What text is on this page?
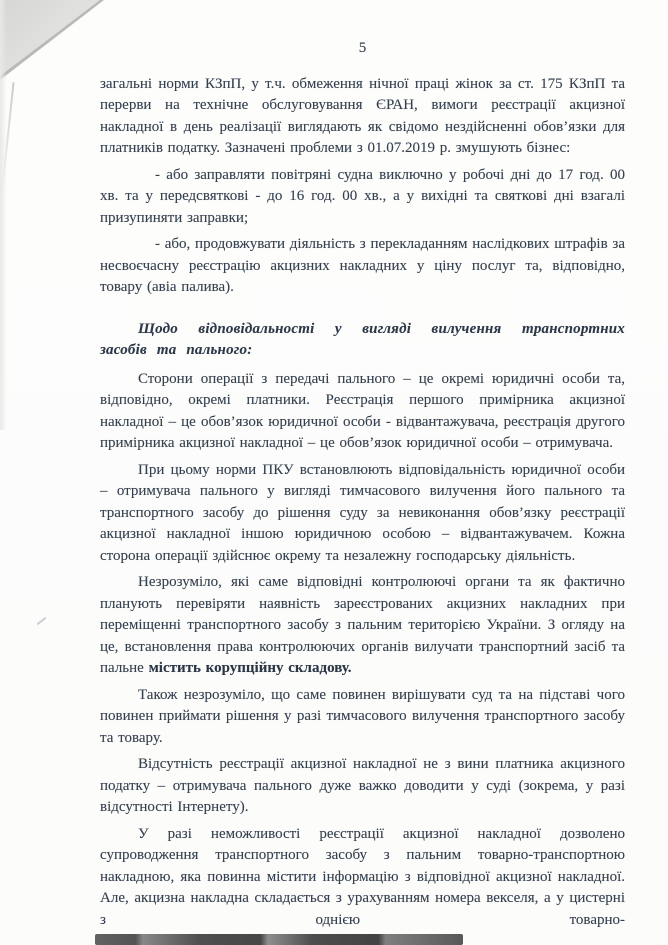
5

загальні норми КЗпП, у т.ч. обмеження нічної праці жінок за ст. 175 КЗпП та перерви на технічне обслуговування ЄРАН, вимоги реєстрації акцизної накладної в день реалізації виглядають як свідомо нездійсненні обов’язки для платників податку. Зазначені проблеми з 01.07.2019 р. змушують бізнес:

- або заправляти повітряні судна виключно у робочі дні до 17 год. 00 хв. та у передсвяткові - до 16 год. 00 хв., а у вихідні та святкові дні взагалі призупиняти заправки;

- або, продовжувати діяльність з перекладанням наслідкових штрафів за несвоєчасну реєстрацію акцизних накладних у ціну послуг та, відповідно, товару (авіа палива).

Щодо відповідальності у вигляді вилучення транспортних засобів та пального:

Сторони операції з передачі пального – це окремі юридичні особи та, відповідно, окремі платники. Реєстрація першого примірника акцизної накладної – це обов’язок юридичної особи - відвантажувача, реєстрація другого примірника акцизної накладної – це обов’язок юридичної особи – отримувача.

При цьому норми ПКУ встановлюють відповідальність юридичної особи – отримувача пального у вигляді тимчасового вилучення його пального та транспортного засобу до рішення суду за невиконання обов’язку реєстрації акцизної накладної іншою юридичною особою – відвантажувачем. Кожна сторона операції здійснює окрему та незалежну господарську діяльність.

Незрозуміло, які саме відповідні контролюючі органи та як фактично планують перевіряти наявність зареєстрованих акцизних накладних при переміщенні транспортного засобу з пальним територією України. З огляду на це, встановлення права контролюючих органів вилучати транспортний засіб та пальне містить корупційну складову.

Також незрозуміло, що саме повинен вирішувати суд та на підставі чого повинен приймати рішення у разі тимчасового вилучення транспортного засобу та товару.

Відсутність реєстрації акцизної накладної не з вини платника акцизного податку – отримувача пального дуже важко доводити у суді (зокрема, у разі відсутності Інтернету).

У разі неможливості реєстрації акцизної накладної дозволено супроводження транспортного засобу з пальним товарно-транспортною накладною, яка повинна містити інформацію з відповідної акцизної накладної. Але, акцизна накладна складається з урахуванням номера векселя, а у цистерні з однією товарно-
